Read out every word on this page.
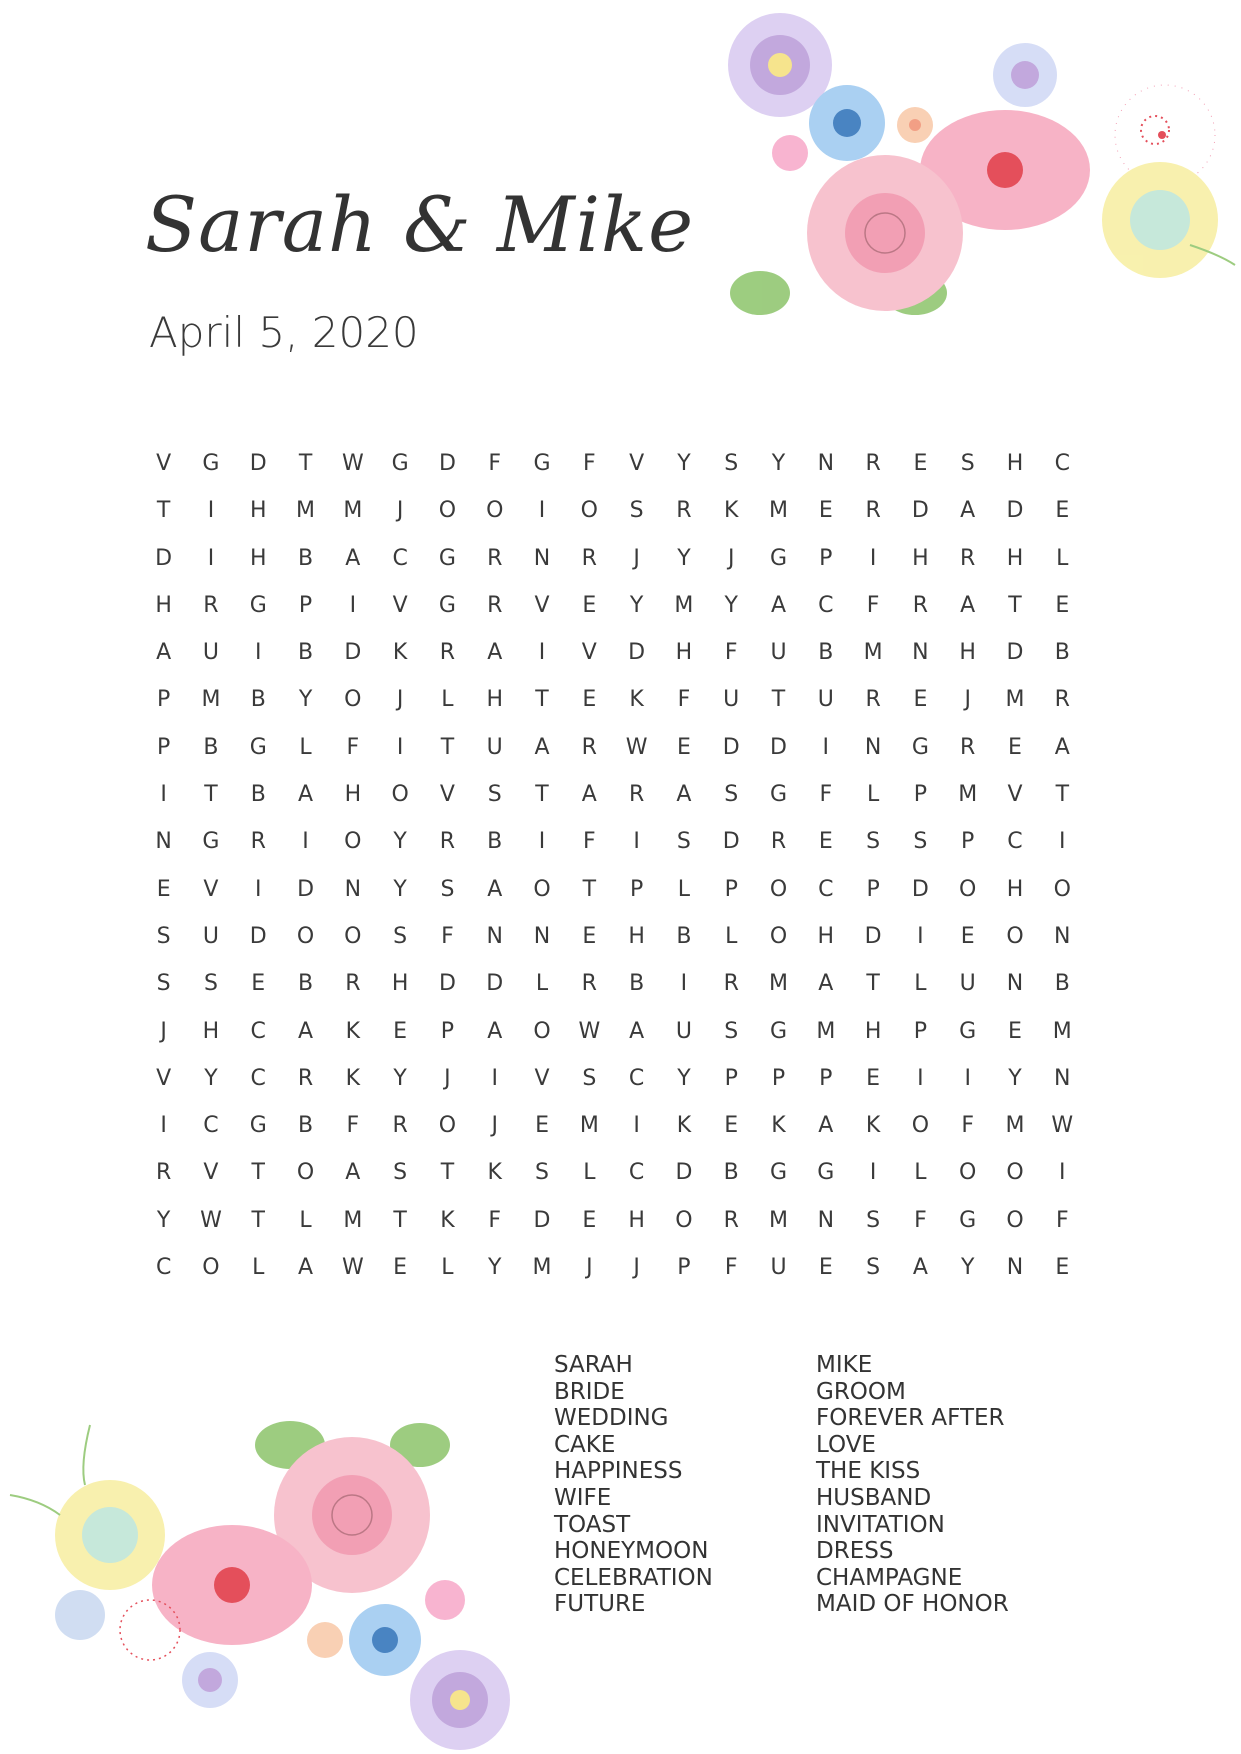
Sarah & Mike
April 5, 2020
V	G	D	T	W	G	D	F	G	F	V	Y	S	Y	N	R	E	S	H	C
T	I	H	M	M	J	O	O	I	O	S	R	K	M	E	R	D	A	D	E
D	I	H	B	A	C	G	R	N	R	J	Y	J	G	P	I	H	R	H	L
H	R	G	P	I	V	G	R	V	E	Y	M	Y	A	C	F	R	A	T	E
A	U	I	B	D	K	R	A	I	V	D	H	F	U	B	M	N	H	D	B
P	M	B	Y	O	J	L	H	T	E	K	F	U	T	U	R	E	J	M	R
P	B	G	L	F	I	T	U	A	R	W	E	D	D	I	N	G	R	E	A
I	T	B	A	H	O	V	S	T	A	R	A	S	G	F	L	P	M	V	T
N	G	R	I	O	Y	R	B	I	F	I	S	D	R	E	S	S	P	C	I
E	V	I	D	N	Y	S	A	O	T	P	L	P	O	C	P	D	O	H	O
S	U	D	O	O	S	F	N	N	E	H	B	L	O	H	D	I	E	O	N
S	S	E	B	R	H	D	D	L	R	B	I	R	M	A	T	L	U	N	B
J	H	C	A	K	E	P	A	O	W	A	U	S	G	M	H	P	G	E	M
V	Y	C	R	K	Y	J	I	V	S	C	Y	P	P	P	E	I	I	Y	N
I	C	G	B	F	R	O	J	E	M	I	K	E	K	A	K	O	F	M	W
R	V	T	O	A	S	T	K	S	L	C	D	B	G	G	I	L	O	O	I
Y	W	T	L	M	T	K	F	D	E	H	O	R	M	N	S	F	G	O	F
C	O	L	A	W	E	L	Y	M	J	J	P	F	U	E	S	A	Y	N	E
SARAH
BRIDE
WEDDING
CAKE
HAPPINESS
WIFE
TOAST
HONEYMOON
CELEBRATION
FUTURE
MIKE
GROOM
FOREVER AFTER
LOVE
THE KISS
HUSBAND
INVITATION
DRESS
CHAMPAGNE
MAID OF HONOR
